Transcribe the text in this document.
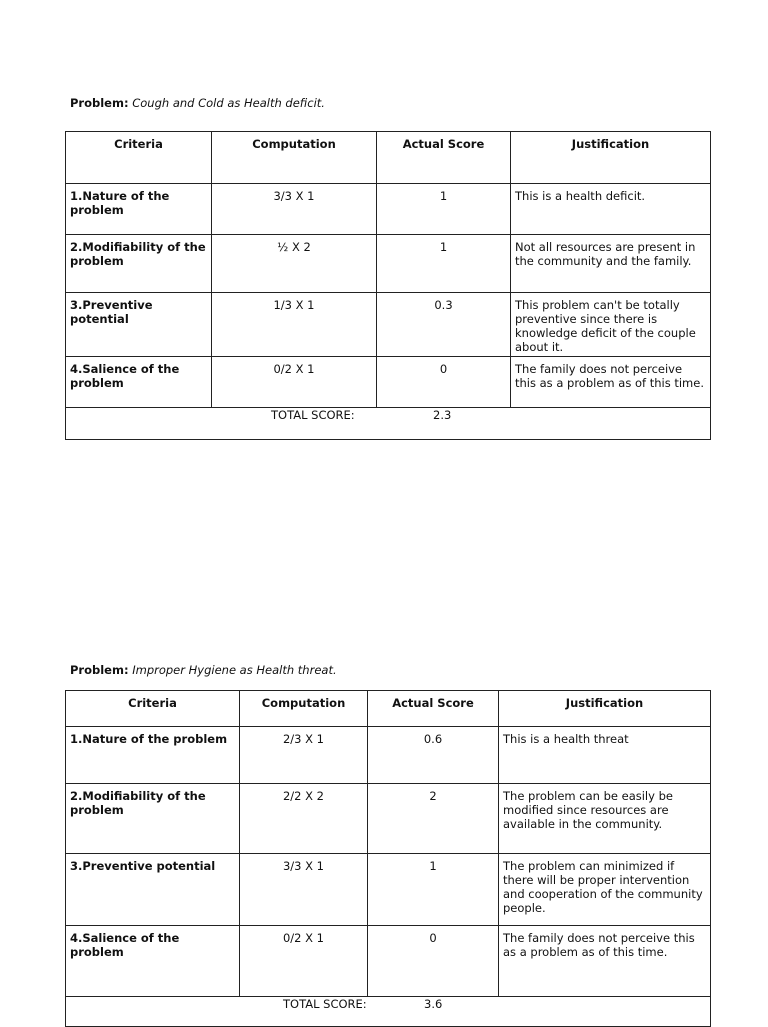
Problem: Cough and Cold as Health deficit.
Criteria	Computation	Actual Score	Justification
1.Nature of the problem	3/3 X 1	1	This is a health deficit.
2.Modifiability of the problem	½ X 2	1	Not all resources are present in the community and the family.
3.Preventive potential	1/3 X 1	0.3	This problem can't be totally preventive since there is knowledge deficit of the couple about it.
4.Salience of the problem	0/2 X 1	0	The family does not perceive this as a problem as of this time.

TOTAL SCORE: 2.3			
Problem: Improper Hygiene as Health threat.
Criteria	Computation	Actual Score	Justification
1.Nature of the problem	2/3 X 1	0.6	This is a health threat
2.Modifiability of the problem	2/2 X 2	2	The problem can be easily be modified since resources are available in the community.
3.Preventive potential	3/3 X 1	1	The problem can minimized if there will be proper intervention and cooperation of the community people.
4.Salience of the problem	0/2 X 1	0	The family does not perceive this as a problem as of this time.

TOTAL SCORE: 3.6			
